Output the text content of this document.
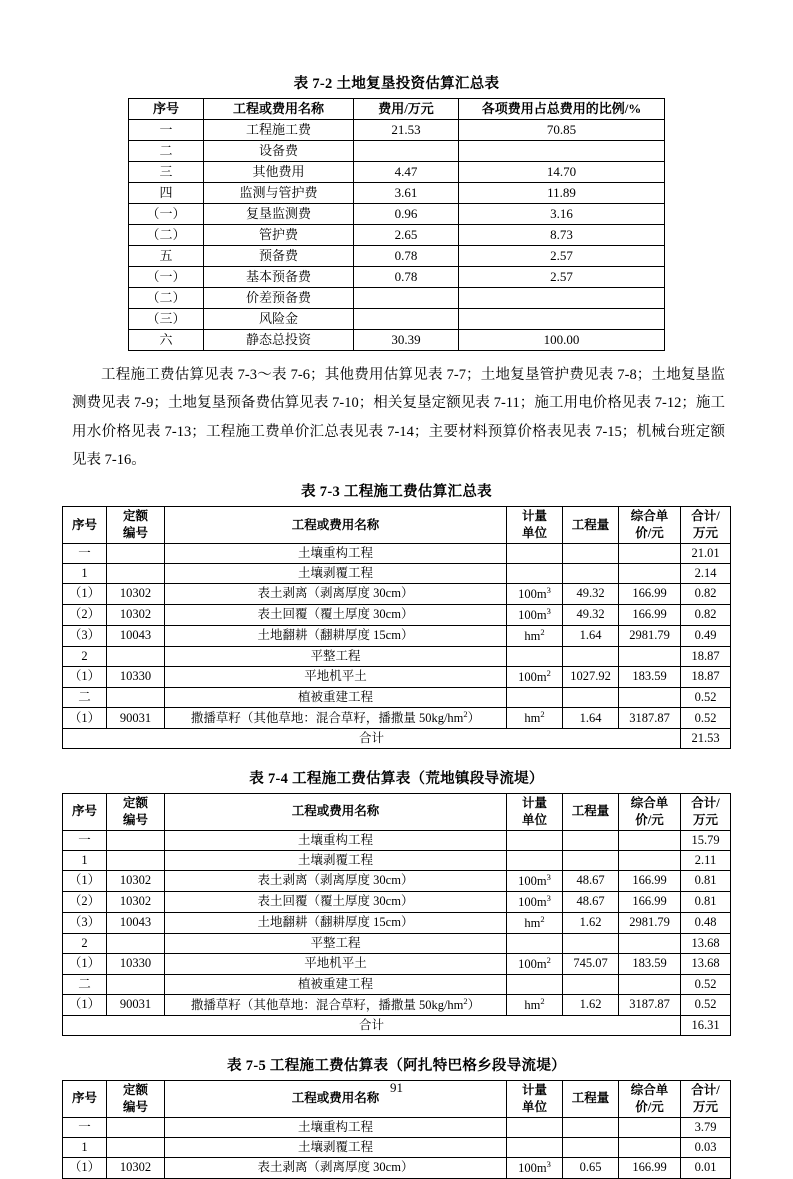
表 7-2 土地复垦投资估算汇总表
序号	工程或费用名称	费用/万元	各项费用占总费用的比例/%
一	工程施工费	21.53	70.85
二	设备费		
三	其他费用	4.47	14.70
四	监测与管护费	3.61	11.89
（一）	复垦监测费	0.96	3.16
（二）	管护费	2.65	8.73
五	预备费	0.78	2.57
（一）	基本预备费	0.78	2.57
（二）	价差预备费		
（三）	风险金		
六	静态总投资	30.39	100.00

工程施工费估算见表 7-3～表 7-6；其他费用估算见表 7-7；土地复垦管护费见表 7-8；土地复垦监测费见表 7-9；土地复垦预备费估算见表 7-10；相关复垦定额见表 7-11；施工用电价格见表 7-12；施工用水价格见表 7-13；工程施工费单价汇总表见表 7-14；主要材料预算价格表见表 7-15；机械台班定额见表 7-16。

表 7-3 工程施工费估算汇总表
序号	定额
编号	工程或费用名称	计量
单位	工程量	综合单
价/元	合计/
万元

一		土壤重构工程				21.01
1		土壤剥覆工程				2.14
（1）	10302	表土剥离（剥离厚度 30cm）	$100m^3$	49.32	166.99	0.82
（2）	10302	表土回覆（覆土厚度 30cm）	$100m^3$	49.32	166.99	0.82
（3）	10043	土地翻耕（翻耕厚度 15cm）	$hm^2$	1.64	2981.79	0.49
2		平整工程				18.87
（1）	10330	平地机平土	$100m^2$	1027.92	183.59	18.87
二		植被重建工程				0.52
（1）	90031	撒播草籽（其他草地：混合草籽，播撒量 $50kg/hm^2$）	$hm^2$	1.64	3187.87	0.52
合计						21.53
表 7-4 工程施工费估算表（荒地镇段导流堤）
序号	定额
编号	工程或费用名称	计量
单位	工程量	综合单
价/元	合计/
万元
一		土壤重构工程				15.79
1		土壤剥覆工程				2.11
（1）	10302	表土剥离（剥离厚度 30cm）	$100m^3$	48.67	166.99	0.81
（2）	10302	表土回覆（覆土厚度 30cm）	$100m^3$	48.67	166.99	0.81
（3）	10043	土地翻耕（翻耕厚度 15cm）	$hm^2$	1.62	2981.79	0.48
2		平整工程				13.68
（1）	10330	平地机平土	$100m^2$	745.07	183.59	13.68
二		植被重建工程				0.52
（1）	90031	撒播草籽（其他草地：混合草籽，播撒量 $50kg/hm^2$）	$hm^2$	1.62	3187.87	0.52
合计						16.31
表 7-5 工程施工费估算表（阿扎特巴格乡段导流堤）
序号	定额
编号	工程或费用名称	计量
单位	工程量	综合单
价/元	合计/
万元
一		土壤重构工程				3.79
1		土壤剥覆工程				0.03
（1）	10302	表土剥离（剥离厚度 30cm）	$100m^3$	0.65	166.99	0.01
91
